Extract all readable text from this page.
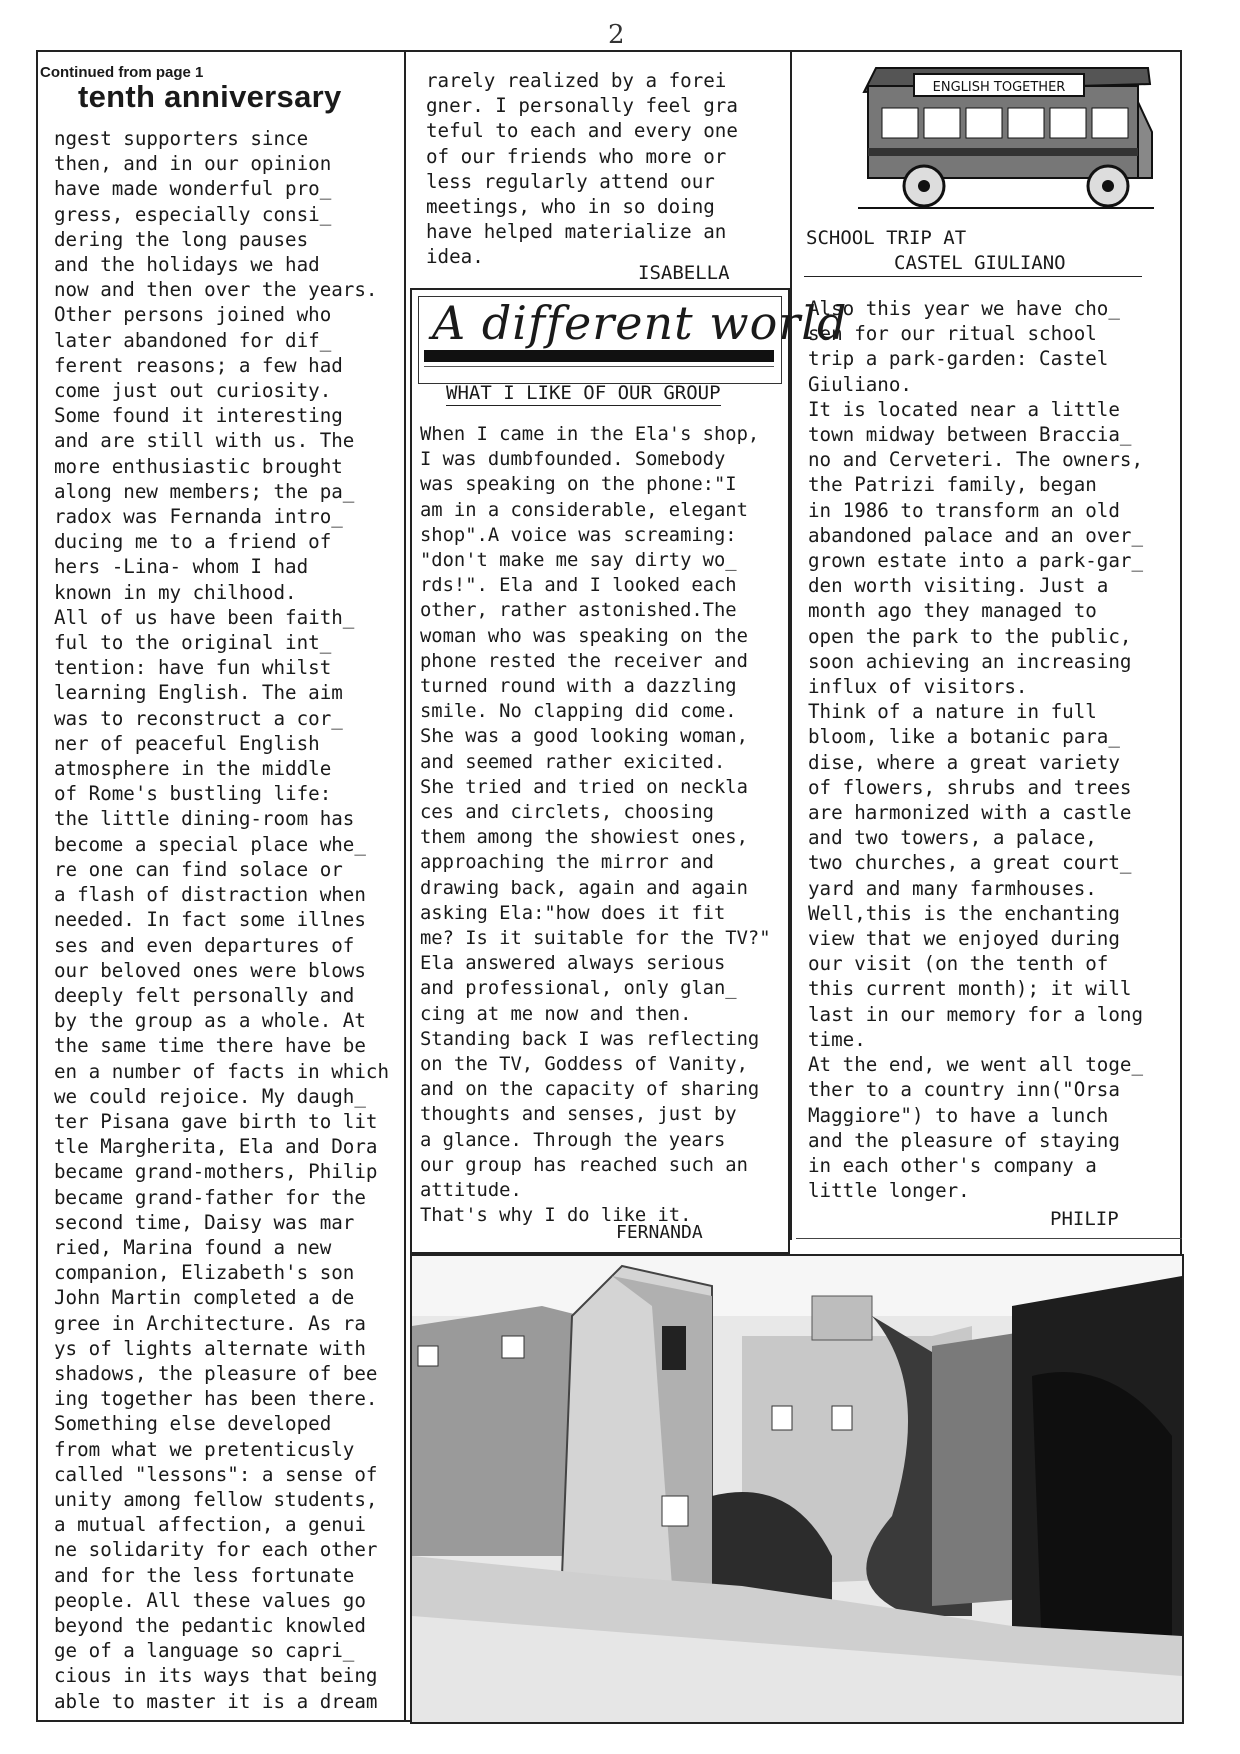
2
Continued from page 1
tenth anniversary

ngest supporters since

then, and in our opinion

have made wonderful pro_

gress, especially consi_

dering the long pauses

and the holidays we had

now and then over the years.

Other persons joined who

later abandoned for dif_

ferent reasons; a few had

come just out curiosity.

Some found it interesting

and are still with us. The

more enthusiastic brought

along new members; the pa_

radox was Fernanda intro_

ducing me to a friend of

hers -Lina- whom I had

known in my chilhood.

All of us have been faith_

ful to the original int_

tention: have fun whilst

learning English. The aim

was to reconstruct a cor_

ner of peaceful English

atmosphere in the middle

of Rome's bustling life:

the little dining-room has

become a special place whe_

re one can find solace or

a flash of distraction when

needed. In fact some illnes

ses and even departures of

our beloved ones were blows

deeply felt personally and

by the group as a whole. At

the same time there have be

en a number of facts in which

we could rejoice. My daugh_

ter Pisana gave birth to lit

tle Margherita, Ela and Dora

became grand-mothers, Philip

became grand-father for the

second time, Daisy was mar

ried, Marina found a new

companion, Elizabeth's son

John Martin completed a de

gree in Architecture. As ra

ys of lights alternate with

shadows, the pleasure of bee

ing together has been there.

Something else developed

from what we pretenticusly

called "lessons": a sense of

unity among fellow students,

a mutual affection, a genui

ne solidarity for each other

and for the less fortunate

people. All these values go

beyond the pedantic knowled

ge of a language so capri_

cious in its ways that being

able to master it is a dream

rarely realized by a forei

gner. I personally feel gra

teful to each and every one

of our friends who more or

less regularly attend our

meetings, who in so doing

have helped materialize an

idea.

ISABELLA
A different world
WHAT I LIKE OF OUR GROUP

When I came in the Ela's shop,

I was dumbfounded. Somebody

was speaking on the phone:"I

am in a considerable, elegant

shop".A voice was screaming:

"don't make me say dirty wo_

rds!". Ela and I looked each

other, rather astonished.The

woman who was speaking on the

phone rested the receiver and

turned round with a dazzling

smile. No clapping did come.

She was a good looking woman,

and seemed rather exicited.

She tried and tried on neckla

ces and circlets, choosing

them among the showiest ones,

approaching the mirror and

drawing back, again and again

asking Ela:"how does it fit

me? Is it suitable for the TV?"

Ela answered always serious

and professional, only glan_

cing at me now and then.

Standing back I was reflecting

on the TV, Goddess of Vanity,

and on the capacity of sharing

thoughts and senses, just by

a glance. Through the years

our group has reached such an

attitude.

That's why I do like it.

FERNANDA
ENGLISH TOGETHER
SCHOOL TRIP AT
CASTEL GIULIANO

Also this year we have cho_

sen for our ritual school

trip a park-garden: Castel

Giuliano.

It is located near a little

town midway between Braccia_

no and Cerveteri. The owners,

the Patrizi family, began

in 1986 to transform an old

abandoned palace and an over_

grown estate into a park-gar_

den worth visiting. Just a

month ago they managed to

open the park to the public,

soon achieving an increasing

influx of visitors.

Think of a nature in full

bloom, like a botanic para_

dise, where a great variety

of flowers, shrubs and trees

are harmonized with a castle

and two towers, a palace,

two churches, a great court_

yard and many farmhouses.

Well,this is the enchanting

view that we enjoyed during

our visit (on the tenth of

this current month); it will

last in our memory for a long

time.

At the end, we went all toge_

ther to a country inn("Orsa

Maggiore") to have a lunch

and the pleasure of staying

in each other's company a

little longer.

PHILIP
